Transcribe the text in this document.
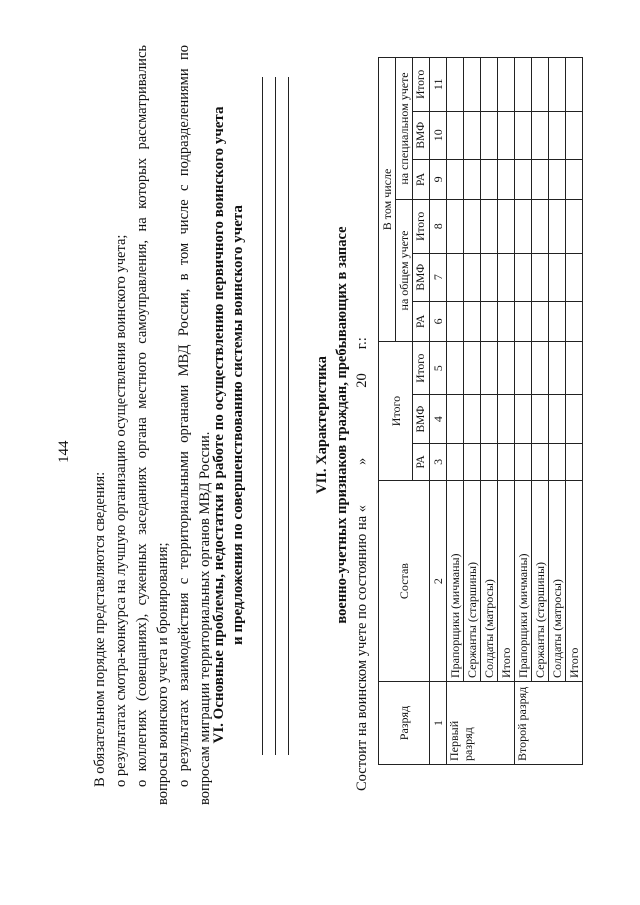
144

В обязательном порядке представляются сведения: о результатах смотра-конкурса на лучшую организацию осуществления воинского учета; о коллегиях (совещаниях), суженных заседаниях органа местного самоуправления, на которых рассматривались вопросы воинского учета и бронирования; о результатах взаимодействия с территориальными органами МВД России, в том числе с подразделениями по вопросам миграции территориальных органов МВД России.

VI. Основные проблемы, недостатки в работе по осуществлению первичного воинского учета и предложения по совершенствованию системы воинского учета	VII. Характеристика военно-учетных признаков граждан, пребывающих в запасе
Состоит на воинском учете по состоянию на «»20г.:
Разряд	Состав	Итого			В том числе					
					на общем учете			на специальном учете		
		РА	ВМФ	Итого	РА	ВМФ	Итого	РА	ВМФ	Итого
1	2	3	4	5	6	7	8	9	10	11
Первый разряд	Прапорщики (мичманы)									
	Сержанты (старшины)									
	Солдаты (матросы)									
	Итого									
Второй разряд	Прапорщики (мичманы)									
	Сержанты (старшины)									
	Солдаты (матросы)									
	Итого									
